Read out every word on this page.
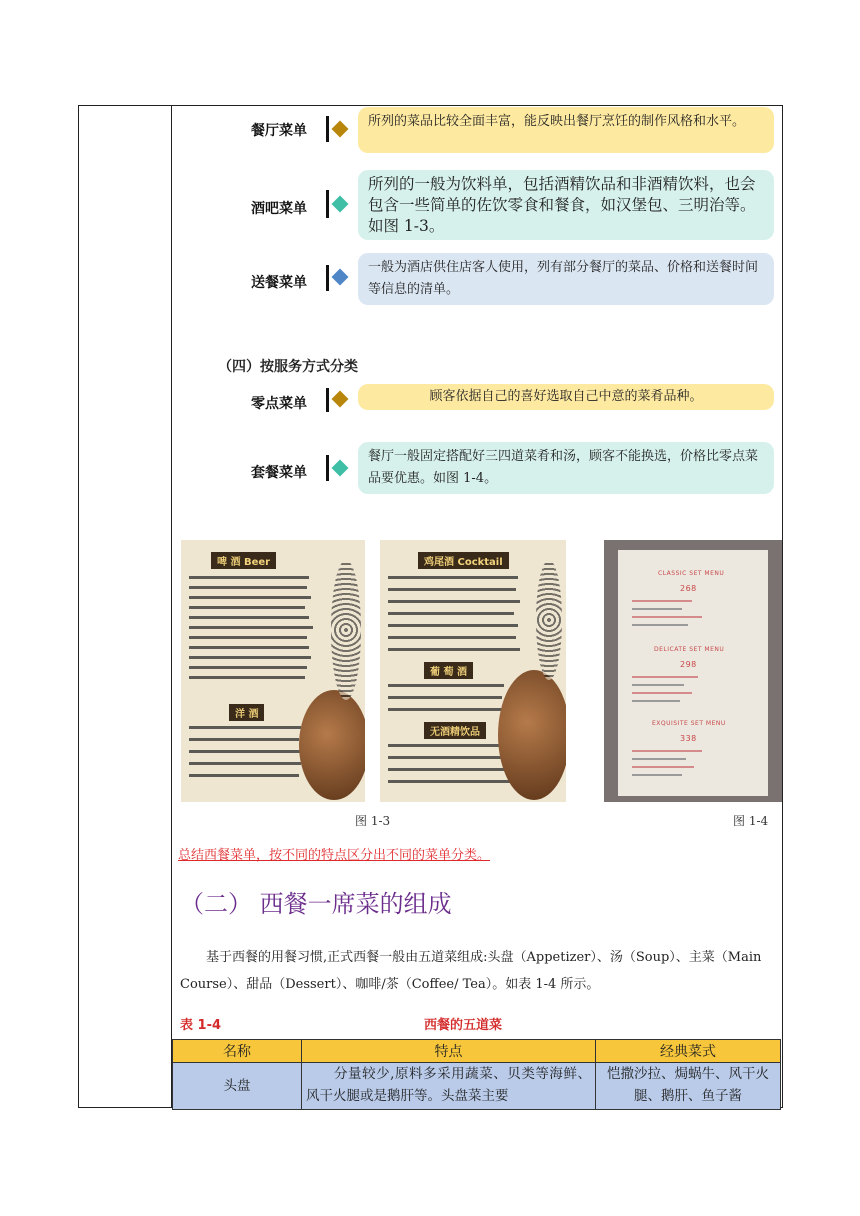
餐厅菜单
所列的菜品比较全面丰富，能反映出餐厅烹饪的制作风格和水平。
酒吧菜单
所列的一般为饮料单，包括酒精饮品和非酒精饮料，也会包含一些简单的佐饮零食和餐食，如汉堡包、三明治等。如图 1-3。
送餐菜单
一般为酒店供住店客人使用，列有部分餐厅的菜品、价格和送餐时间等信息的清单。
（四）按服务方式分类
零点菜单	顾客依据自己的喜好选取自己中意的菜肴品种。
套餐菜单
餐厅一般固定搭配好三四道菜肴和汤，顾客不能换选，价格比零点菜品要优惠。如图 1-4。
啤 酒 Beer
洋 酒
鸡尾酒 Cocktail
葡 萄 酒
无酒精饮品
CLASSIC SET MENU
268
DELICATE SET MENU
298
EXQUISITE SET MENU
338
图 1-3	图 1-4
总结西餐菜单，按不同的特点区分出不同的菜单分类。
（二） 西餐一席菜的组成
基于西餐的用餐习惯,正式西餐一般由五道菜组成:头盘（Appetizer）、汤（Soup）、主菜（Main Course）、甜品（Dessert）、咖啡/茶（Coffee/ Tea）。如表 1-4 所示。
表 1-4	西餐的五道菜
名称	特点	经典菜式
头盘	分量较少,原料多采用蔬菜、贝类等海鲜、风干火腿或是鹅肝等。头盘菜主要	恺撒沙拉、焗蜗牛、风干火腿、鹅肝、鱼子酱
